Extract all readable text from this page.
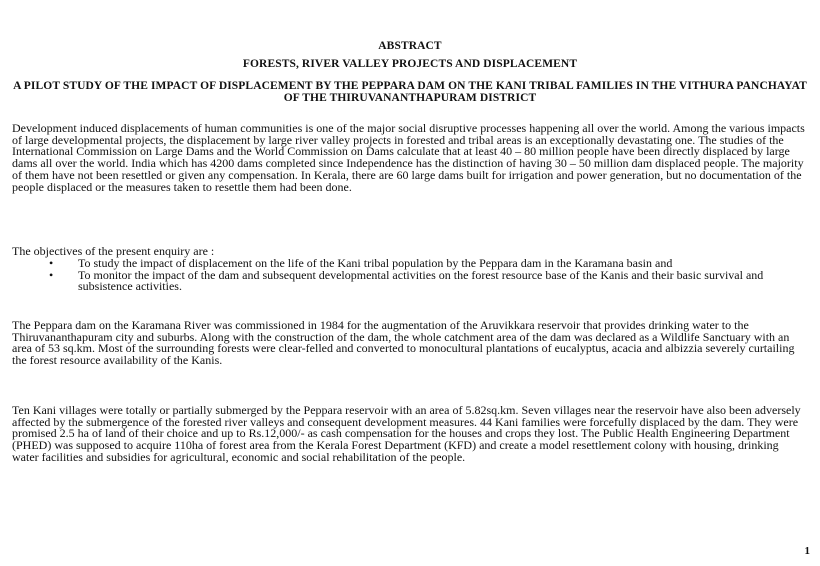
ABSTRACT
FORESTS, RIVER VALLEY PROJECTS AND DISPLACEMENT
A PILOT STUDY OF THE IMPACT OF DISPLACEMENT BY THE PEPPARA DAM ON THE KANI TRIBAL FAMILIES IN THE VITHURA PANCHAYAT OF THE THIRUVANANTHAPURAM DISTRICT

Development induced displacements of human communities is one of the major social disruptive processes happening all over the world. Among the various impacts of large developmental projects, the displacement by large river valley projects in forested and tribal areas is an exceptionally devastating one. The studies of the International Commission on Large Dams and the World Commission on Dams calculate that at least 40 – 80 million people have been directly displaced by large dams all over the world. India which has 4200 dams completed since Independence has the distinction of having 30 – 50 million dam displaced people. The majority of them have not been resettled or given any compensation. In Kerala, there are 60 large dams built for irrigation and power generation, but no documentation of the people displaced or the measures taken to resettle them had been done.

The objectives of the present enquiry are :

• To study the impact of displacement on the life of the Kani tribal population by the Peppara dam in the Karamana basin and
• To monitor the impact of the dam and subsequent developmental activities on the forest resource base of the Kanis and their basic survival and subsistence activities.

The Peppara dam on the Karamana River was commissioned in 1984 for the augmentation of the Aruvikkara reservoir that provides drinking water to the Thiruvananthapuram city and suburbs. Along with the construction of the dam, the whole catchment area of the dam was declared as a Wildlife Sanctuary with an area of 53 sq.km. Most of the surrounding forests were clear-felled and converted to monocultural plantations of eucalyptus, acacia and albizzia severely curtailing the forest resource availability of the Kanis.

Ten Kani villages were totally or partially submerged by the Peppara reservoir with an area of 5.82sq.km. Seven villages near the reservoir have also been adversely affected by the submergence of the forested river valleys and consequent development measures. 44 Kani families were forcefully displaced by the dam. They were promised 2.5 ha of land of their choice and up to Rs.12,000/- as cash compensation for the houses and crops they lost. The Public Health Engineering Department (PHED) was supposed to acquire 110ha of forest area from the Kerala Forest Department (KFD) and create a model resettlement colony with housing, drinking water facilities and subsidies for agricultural, economic and social rehabilitation of the people.

1
